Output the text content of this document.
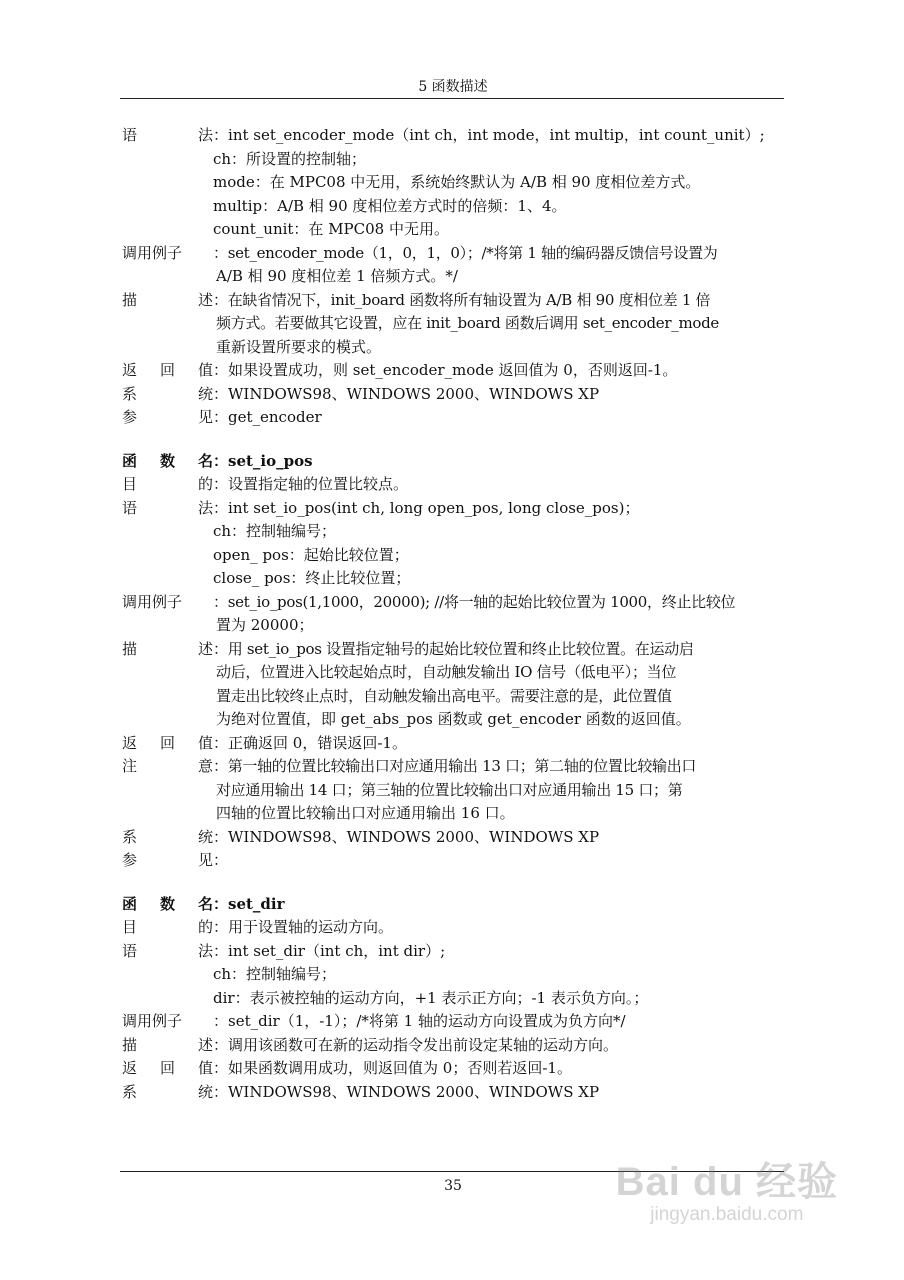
5 函数描述
语	法 ：int set_encoder_mode（int ch，int mode，int multip，int count_unit）;
ch：所设置的控制轴；
mode：在 MPC08 中无用，系统始终默认为 A/B 相 90 度相位差方式。
multip：A/B 相 90 度相位差方式时的倍频：1、4。
count_unit：在 MPC08 中无用。
调用例子 ：set_encoder_mode（1，0，1，0）；/*将第 1 轴的编码器反馈信号设置为
A/B 相 90 度相位差 1 倍频方式。*/
描	述 ：在缺省情况下，init_board 函数将所有轴设置为 A/B 相 90 度相位差 1 倍
频方式。若要做其它设置，应在 init_board 函数后调用 set_encoder_mode
重新设置所要求的模式。
返 回 值 ：如果设置成功，则 set_encoder_mode 返回值为 0，否则返回-1。
系	统 ：WINDOWS98、WINDOWS 2000、WINDOWS XP
参	见 ：get_encoder
函 数 名 ：set_io_pos
目	的 ：设置指定轴的位置比较点。
语	法 ：int set_io_pos(int ch, long open_pos, long close_pos)；
ch：控制轴编号；
open_ pos：起始比较位置；
close_ pos：终止比较位置；
调用例子 ：set_io_pos(1,1000，20000); //将一轴的起始比较位置为 1000，终止比较位
置为 20000；
描	述 ：用 set_io_pos 设置指定轴号的起始比较位置和终止比较位置。在运动启
动后，位置进入比较起始点时，自动触发输出 IO 信号（低电平）；当位
置走出比较终止点时，自动触发输出高电平。需要注意的是，此位置值
为绝对位置值，即 get_abs_pos 函数或 get_encoder 函数的返回值。
返 回 值 ：正确返回 0，错误返回-1。
注	意 ：第一轴的位置比较输出口对应通用输出 13 口；第二轴的位置比较输出口
对应通用输出 14 口；第三轴的位置比较输出口对应通用输出 15 口；第
四轴的位置比较输出口对应通用输出 16 口。
系	统 ：WINDOWS98、WINDOWS 2000、WINDOWS XP
参	见 ：
函 数 名 ：set_dir
目	的 ：用于设置轴的运动方向。
语	法 ：int set_dir（int ch，int dir）;
ch：控制轴编号；
dir：表示被控轴的运动方向，+1 表示正方向；-1 表示负方向。；
调用例子 ：set_dir（1，-1）；/*将第 1 轴的运动方向设置成为负方向*/
描	述 ：调用该函数可在新的运动指令发出前设定某轴的运动方向。
返 回 值 ：如果函数调用成功，则返回值为 0；否则若返回-1。
系	统 ：WINDOWS98、WINDOWS 2000、WINDOWS XP
35	Bai du 经验
jingyan.baidu.com
